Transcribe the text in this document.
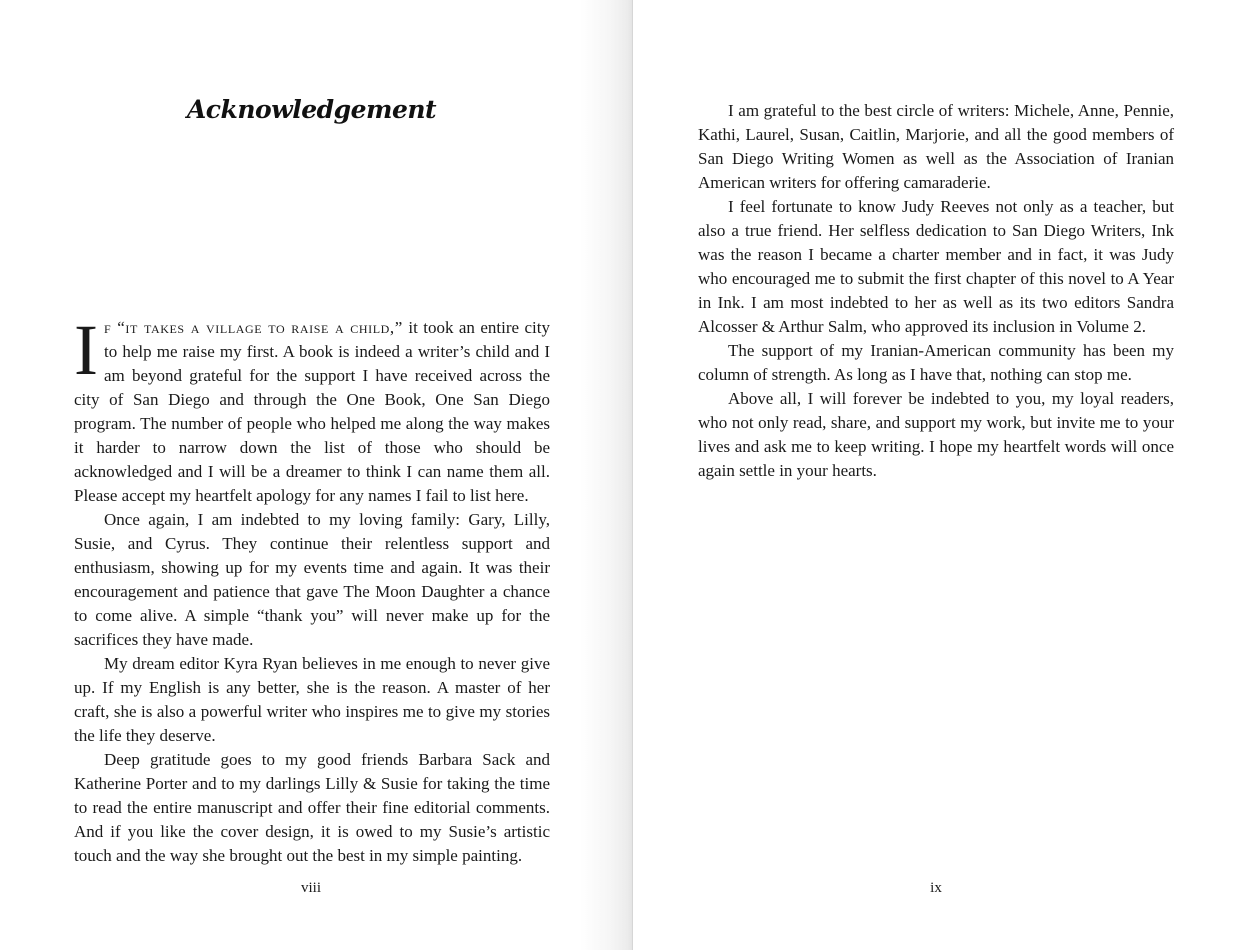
Acknowledgement

If “it takes a village to raise a child,” it took an entire city to help me raise my first. A book is indeed a writer’s child and I am beyond grateful for the support I have received across the city of San Diego and through the One Book, One San Diego program. The number of people who helped me along the way makes it harder to narrow down the list of those who should be acknowledged and I will be a dreamer to think I can name them all. Please accept my heartfelt apology for any names I fail to list here.

Once again, I am indebted to my loving family: Gary, Lilly, Susie, and Cyrus. They continue their relentless support and enthusiasm, showing up for my events time and again. It was their encouragement and patience that gave The Moon Daughter a chance to come alive. A simple “thank you” will never make up for the sacrifices they have made.

My dream editor Kyra Ryan believes in me enough to never give up. If my English is any better, she is the reason. A master of her craft, she is also a powerful writer who inspires me to give my stories the life they deserve.

Deep gratitude goes to my good friends Barbara Sack and Katherine Porter and to my darlings Lilly & Susie for taking the time to read the entire manuscript and offer their fine editorial comments. And if you like the cover design, it is owed to my Susie’s artistic touch and the way she brought out the best in my simple painting.

viii	ix

I am grateful to the best circle of writers: Michele, Anne, Pennie, Kathi, Laurel, Susan, Caitlin, Marjorie, and all the good members of San Diego Writing Women as well as the Association of Iranian American writers for offering camaraderie.

I feel fortunate to know Judy Reeves not only as a teacher, but also a true friend. Her selfless dedication to San Diego Writers, Ink was the reason I became a charter member and in fact, it was Judy who encouraged me to submit the first chapter of this novel to A Year in Ink. I am most indebted to her as well as its two editors Sandra Alcosser & Arthur Salm, who approved its inclusion in Volume 2.

The support of my Iranian-American community has been my column of strength. As long as I have that, nothing can stop me.

Above all, I will forever be indebted to you, my loyal readers, who not only read, share, and support my work, but invite me to your lives and ask me to keep writing. I hope my heartfelt words will once again settle in your hearts.
